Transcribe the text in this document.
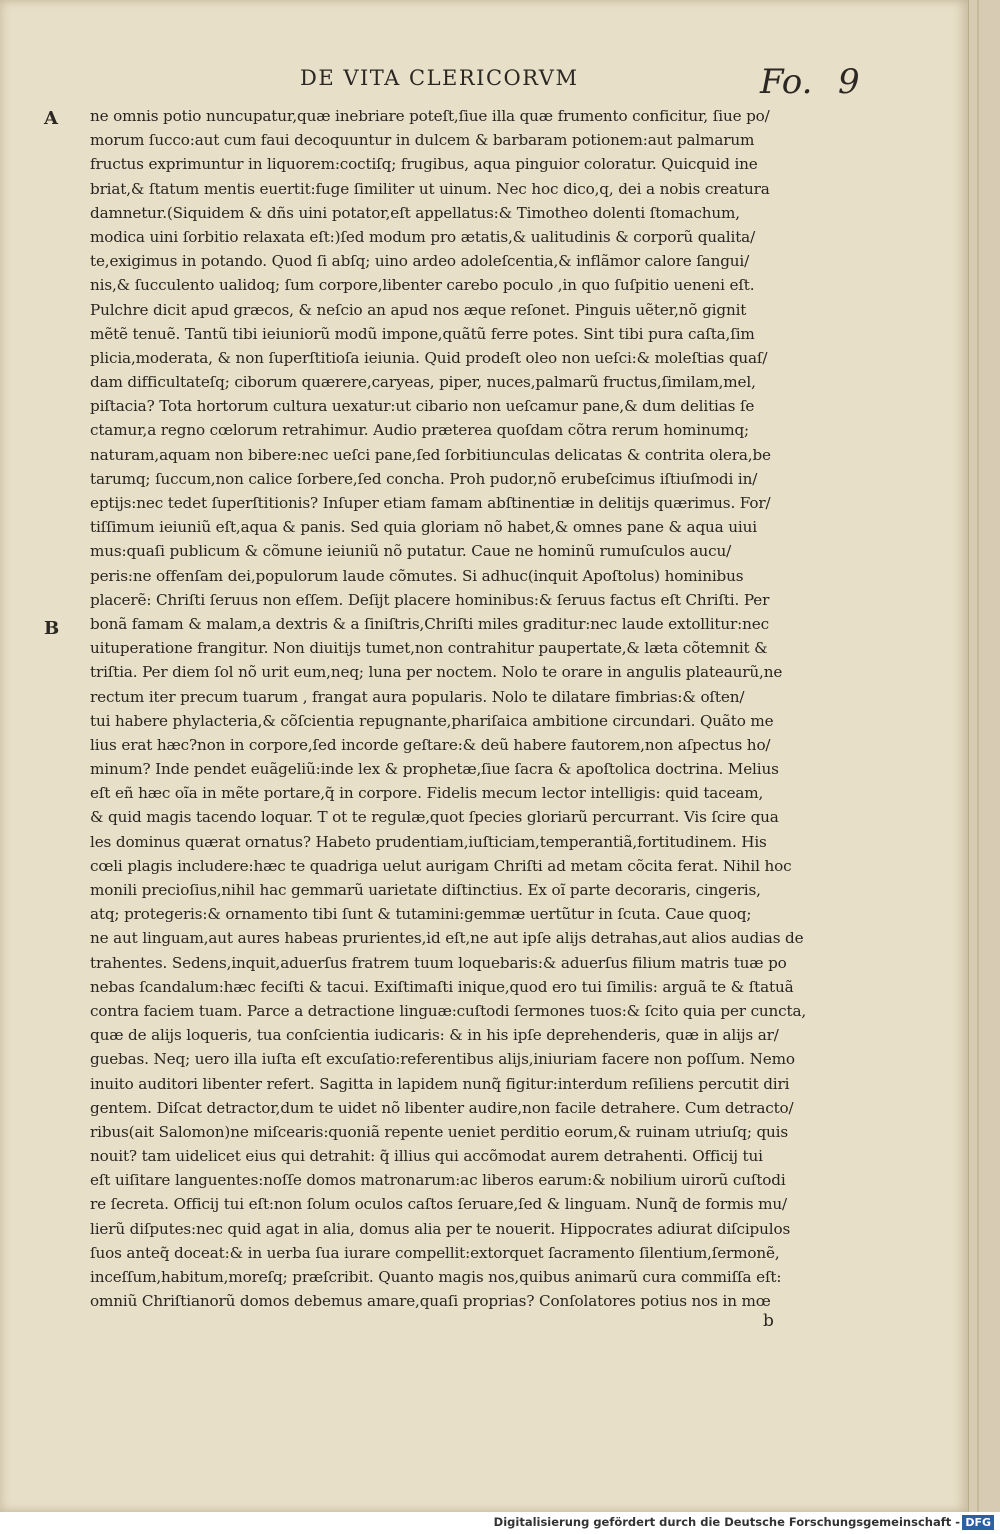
DE VITA CLERICORVM	Fo. 9
A
B
ne omnis potio nuncupatur,quæ inebriare poteſt,ſiue illa quæ frumento conficitur, ſiue po/
morum ſucco:aut cum faui decoquuntur in dulcem & barbaram potionem:aut palmarum
fructus exprimuntur in liquorem:coctiſq; frugibus, aqua pinguior coloratur. Quicquid ine
briat,& ſtatum mentis euertit:fuge ſimiliter ut uinum. Nec hoc dico,q, dei a nobis creatura
damnetur.(Siquidem & dñs uini potator,eſt appellatus:& Timotheo dolenti ſtomachum,
modica uini ſorbitio relaxata eſt:)ſed modum pro ætatis,& ualitudinis & corporũ qualita/
te,exigimus in potando. Quod ſi abſq; uino ardeo adoleſcentia,& inflãmor calore ſangui/
nis,& ſucculento ualidoq; ſum corpore,libenter carebo poculo ,in quo ſuſpitio ueneni eſt.
Pulchre dicit apud græcos, & neſcio an apud nos æque reſonet. Pinguis uẽter,nõ gignit
mẽtẽ tenuẽ. Tantũ tibi ieiuniorũ modũ impone,quãtũ ferre potes. Sint tibi pura caſta,ſim
plicia,moderata, & non ſuperſtitioſa ieiunia. Quid prodeſt oleo non ueſci:& moleſtias quaſ/
dam difficultateſq; ciborum quærere,caryeas, piper, nuces,palmarũ fructus,ſimilam,mel,
piſtacia? Tota hortorum cultura uexatur:ut cibario non ueſcamur pane,& dum delitias ſe
ctamur,a regno cœlorum retrahimur. Audio præterea quoſdam cõtra rerum hominumq;
naturam,aquam non bibere:nec ueſci pane,ſed ſorbitiunculas delicatas & contrita olera,be
tarumq; ſuccum,non calice ſorbere,ſed concha. Proh pudor,nõ erubeſcimus iſtiuſmodi in/
eptijs:nec tedet ſuperſtitionis? Inſuper etiam famam abſtinentiæ in delitijs quærimus. For/
tiſſimum ieiuniũ eſt,aqua & panis. Sed quia gloriam nõ habet,& omnes pane & aqua uiui
mus:quaſi publicum & cõmune ieiuniũ nõ putatur. Caue ne hominũ rumuſculos aucu/
peris:ne offenſam dei,populorum laude cõmutes. Si adhuc(inquit Apoſtolus) hominibus
placerẽ: Chriſti ſeruus non eſſem. Deſijt placere hominibus:& ſeruus factus eſt Chriſti. Per
bonã famam & malam,a dextris & a ſiniſtris,Chriſti miles graditur:nec laude extollitur:nec
uituperatione frangitur. Non diuitijs tumet,non contrahitur paupertate,& læta cõtemnit &
triſtia. Per diem ſol nõ urit eum,neq; luna per noctem. Nolo te orare in angulis plateaurũ,ne
rectum iter precum tuarum , frangat aura popularis. Nolo te dilatare fimbrias:& oſten/
tui habere phylacteria,& cõſcientia repugnante,phariſaica ambitione circundari. Quãto me
lius erat hæc?non in corpore,ſed incorde geſtare:& deũ habere fautorem,non aſpectus ho/
minum? Inde pendet euãgeliũ:inde lex & prophetæ,ſiue ſacra & apoſtolica doctrina. Melius
eſt eñ hæc oĩa in mẽte portare,q̃ in corpore. Fidelis mecum lector intelligis: quid taceam,
& quid magis tacendo loquar. T ot te regulæ,quot ſpecies gloriarũ percurrant. Vis ſcire qua
les dominus quærat ornatus? Habeto prudentiam,iuſticiam,temperantiã,fortitudinem. His
cœli plagis includere:hæc te quadriga uelut aurigam Chriſti ad metam cõcita ferat. Nihil hoc
monili precioſius,nihil hac gemmarũ uarietate diſtinctius. Ex oĩ parte decoraris, cingeris,
atq; protegeris:& ornamento tibi ſunt & tutamini:gemmæ uertũtur in ſcuta. Caue quoq;
ne aut linguam,aut aures habeas prurientes,id eſt,ne aut ipſe alijs detrahas,aut alios audias de
trahentes. Sedens,inquit,aduerſus fratrem tuum loquebaris:& aduerſus filium matris tuæ po
nebas ſcandalum:hæc feciſti & tacui. Exiſtimaſti inique,quod ero tui ſimilis: arguã te & ſtatuã
contra faciem tuam. Parce a detractione linguæ:cuſtodi ſermones tuos:& ſcito quia per cuncta,
quæ de alijs loqueris, tua conſcientia iudicaris: & in his ipſe deprehenderis, quæ in alijs ar/
guebas. Neq; uero illa iuſta eſt excuſatio:referentibus alijs,iniuriam facere non poſſum. Nemo
inuito auditori libenter refert. Sagitta in lapidem nunq̃ figitur:interdum reſiliens percutit diri
gentem. Diſcat detractor,dum te uidet nõ libenter audire,non facile detrahere. Cum detracto/
ribus(ait Salomon)ne miſcearis:quoniã repente ueniet perditio eorum,& ruinam utriuſq; quis
nouit? tam uidelicet eius qui detrahit: q̃ illius qui accõmodat aurem detrahenti. Officij tui
eſt uiſitare languentes:noſſe domos matronarum:ac liberos earum:& nobilium uirorũ cuſtodi
re ſecreta. Officij tui eſt:non ſolum oculos caſtos ſeruare,ſed & linguam. Nunq̃ de formis mu/
lierũ diſputes:nec quid agat in alia, domus alia per te nouerit. Hippocrates adiurat diſcipulos
ſuos anteq̃ doceat:& in uerba ſua iurare compellit:extorquet ſacramento ſilentium,ſermonẽ,
inceſſum,habitum,moreſq; præſcribit. Quanto magis nos,quibus animarũ cura commiſſa eſt:
omniũ Chriſtianorũ domos debemus amare,quaſi proprias? Conſolatores potius nos in mœ
b
Digitalisierung gefördert durch die Deutsche Forschungsgemeinschaft - DFG
